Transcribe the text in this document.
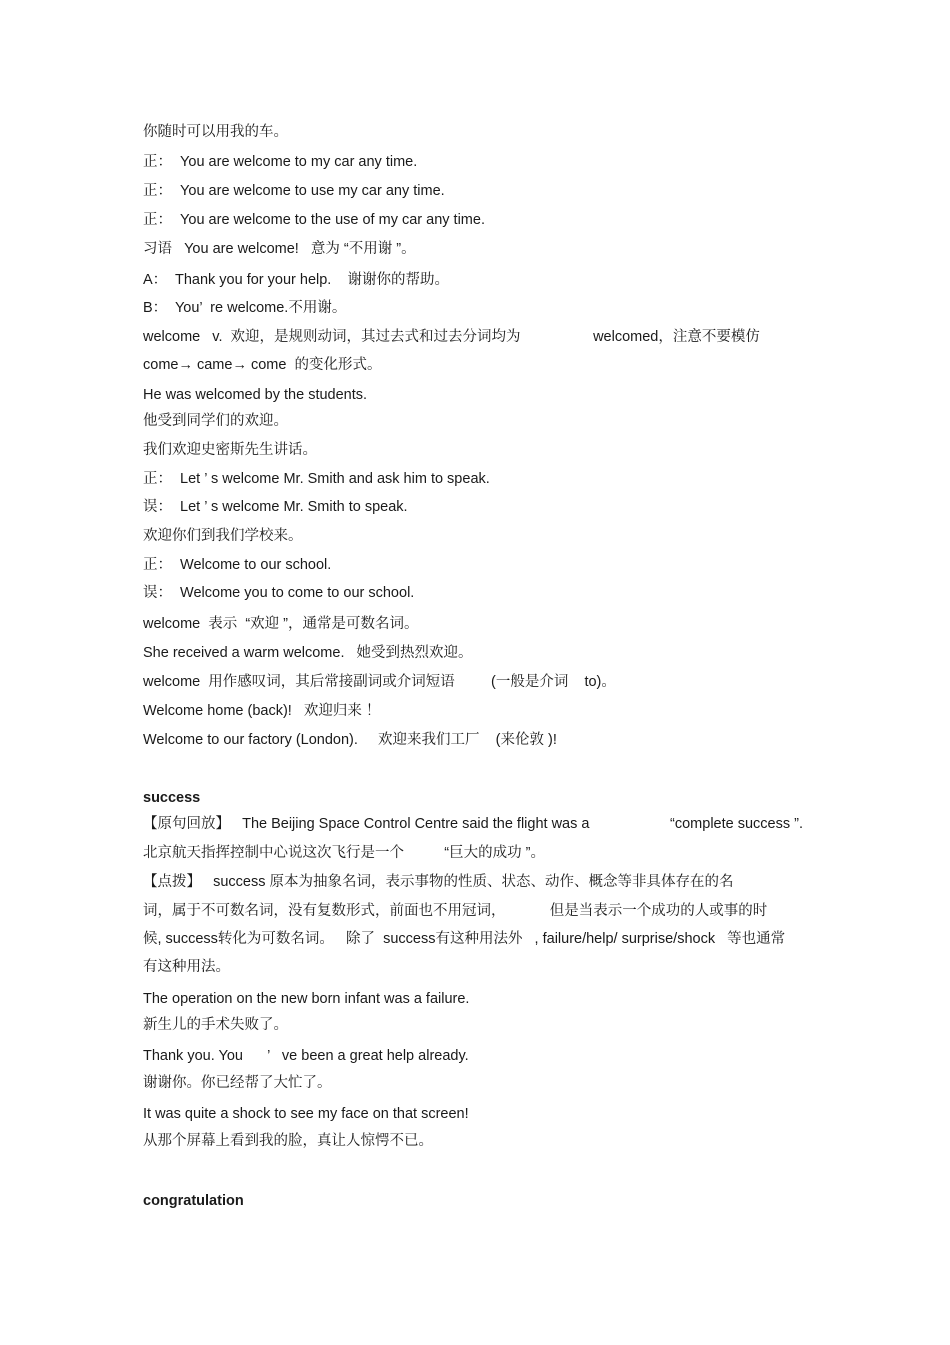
你随时可以用我的车。
正：  You are welcome to my car any time.
正：  You are welcome to use my car any time.
正：  You are welcome to the use of my car any time.
习语   You are welcome!   意为 “不用谢 ”。
A：  Thank you for your help.    谢谢你的帮助。
B：  You’  re welcome.不用谢。
welcome   v.  欢迎，是规则动词，其过去式和过去分词均为                  welcomed，注意不要模仿
come→ came→ come  的变化形式。
He was welcomed by the students.
他受到同学们的欢迎。
我们欢迎史密斯先生讲话。
正：  Let ’ s welcome Mr. Smith and ask him to speak.
误：  Let ’ s welcome Mr. Smith to speak.
欢迎你们到我们学校来。
正：  Welcome to our school.
误：  Welcome you to come to our school.
welcome  表示  “欢迎 ”，通常是可数名词。
She received a warm welcome.   她受到热烈欢迎。
welcome  用作感叹词，其后常接副词或介词短语         (一般是介词    to)。
Welcome home (back)!   欢迎归来 ！
Welcome to our factory (London).     欢迎来我们工厂    (来伦敦 )!
success
【原句回放】   The Beijing Space Control Centre said the flight was a                    “complete success ”.
北京航天指挥控制中心说这次飞行是一个          “巨大的成功 ”。
【点拨】   success 原本为抽象名词，表示事物的性质、状态、动作、概念等非具体存在的名
词，属于不可数名词，没有复数形式，前面也不用冠词，           但是当表示一个成功的人或事的时
候, success转化为可数名词。   除了  success有这种用法外   , failure/help/ surprise/shock   等也通常
有这种用法。
The operation on the new born infant was a failure.
新生儿的手术失败了。
Thank you. You      ’   ve been a great help already.
谢谢你。你已经帮了大忙了。
It was quite a shock to see my face on that screen!
从那个屏幕上看到我的脸，真让人惊愕不已。
congratulation
